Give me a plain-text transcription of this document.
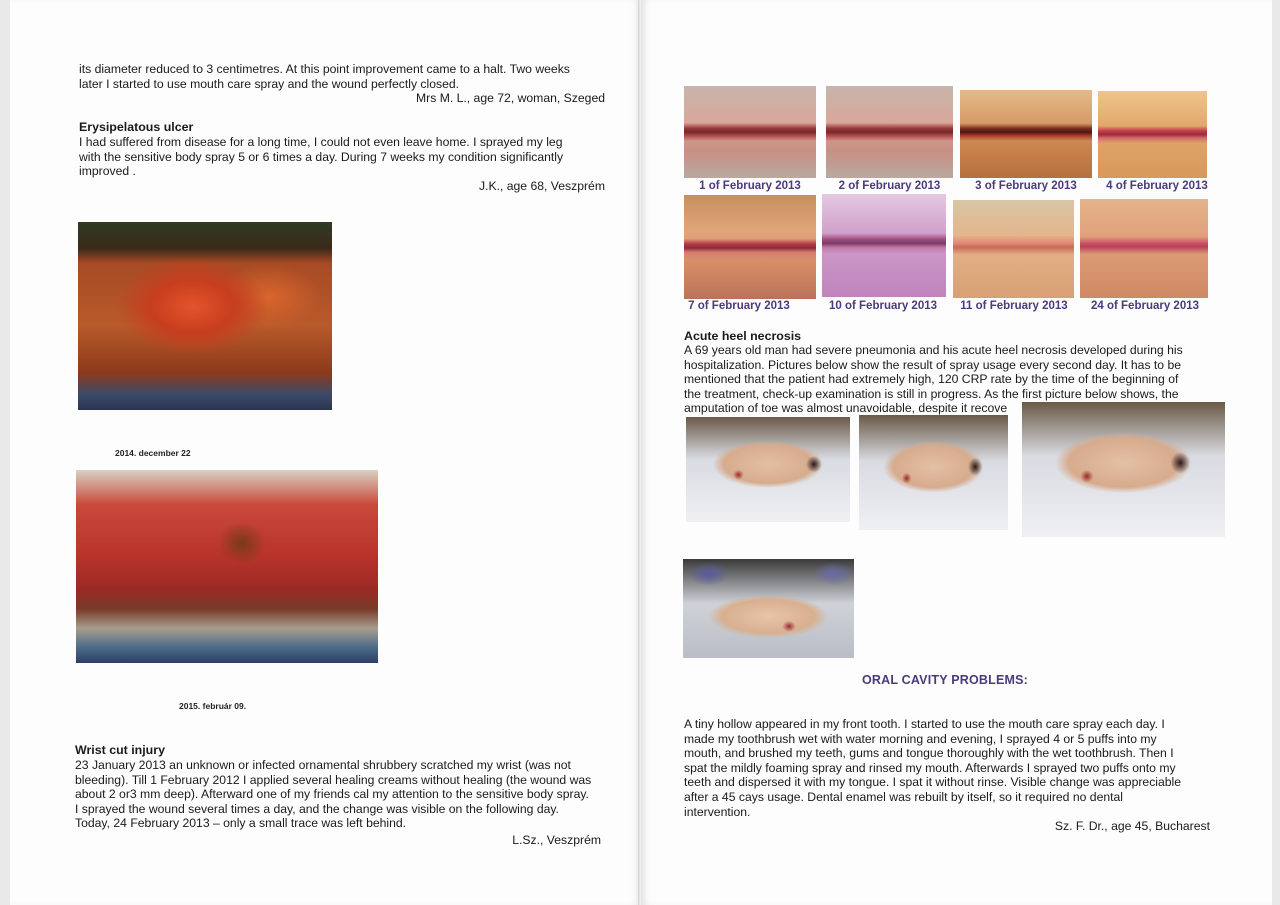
its diameter reduced to 3 centimetres. At this point improvement came to a halt. Two weeks

later I started to use mouth care spray and the wound perfectly closed.

Mrs M. L., age 72, woman, Szeged
Erysipelatous ulcer

I had suffered from disease for a long time, I could not even leave home. I sprayed my leg

with the sensitive body spray 5 or 6 times a day. During 7 weeks my condition significantly

improved .

J.K., age 68, Veszprém
2014. december 22
2015. február 09.
Wrist cut injury

23 January 2013 an unknown or infected ornamental shrubbery scratched my wrist (was not

bleeding). Till 1 February 2012 I applied several healing creams without healing (the wound was

about 2 or3 mm deep). Afterward one of my friends cal my attention to the sensitive body spray.

I sprayed the wound several times a day, and the change was visible on the following day.

Today, 24 February 2013 – only a small trace was left behind.

L.Sz., Veszprém
1 of February 2013	2 of February 2013	3 of February 2013	4 of February 2013
7 of February 2013	10 of February 2013	11 of February 2013	24 of February 2013
Acute heel necrosis

A 69 years old man had severe pneumonia and his acute heel necrosis developed during his

hospitalization. Pictures below show the result of spray usage every second day. It has to be

mentioned that the patient had extremely high, 120 CRP rate by the time of the beginning of

the treatment, check-up examination is still in progress. As the first picture below shows, the

amputation of toe was almost unavoidable, despite it recove

ORAL CAVITY PROBLEMS:

A tiny hollow appeared in my front tooth. I started to use the mouth care spray each day. I

made my toothbrush wet with water morning and evening, I sprayed 4 or 5 puffs into my

mouth, and brushed my teeth, gums and tongue thoroughly with the wet toothbrush. Then I

spat the mildly foaming spray and rinsed my mouth. Afterwards I sprayed two puffs onto my

teeth and dispersed it with my tongue. I spat it without rinse. Visible change was appreciable

after a 45 cays usage. Dental enamel was rebuilt by itself, so it required no dental

intervention.

Sz. F. Dr., age 45, Bucharest
